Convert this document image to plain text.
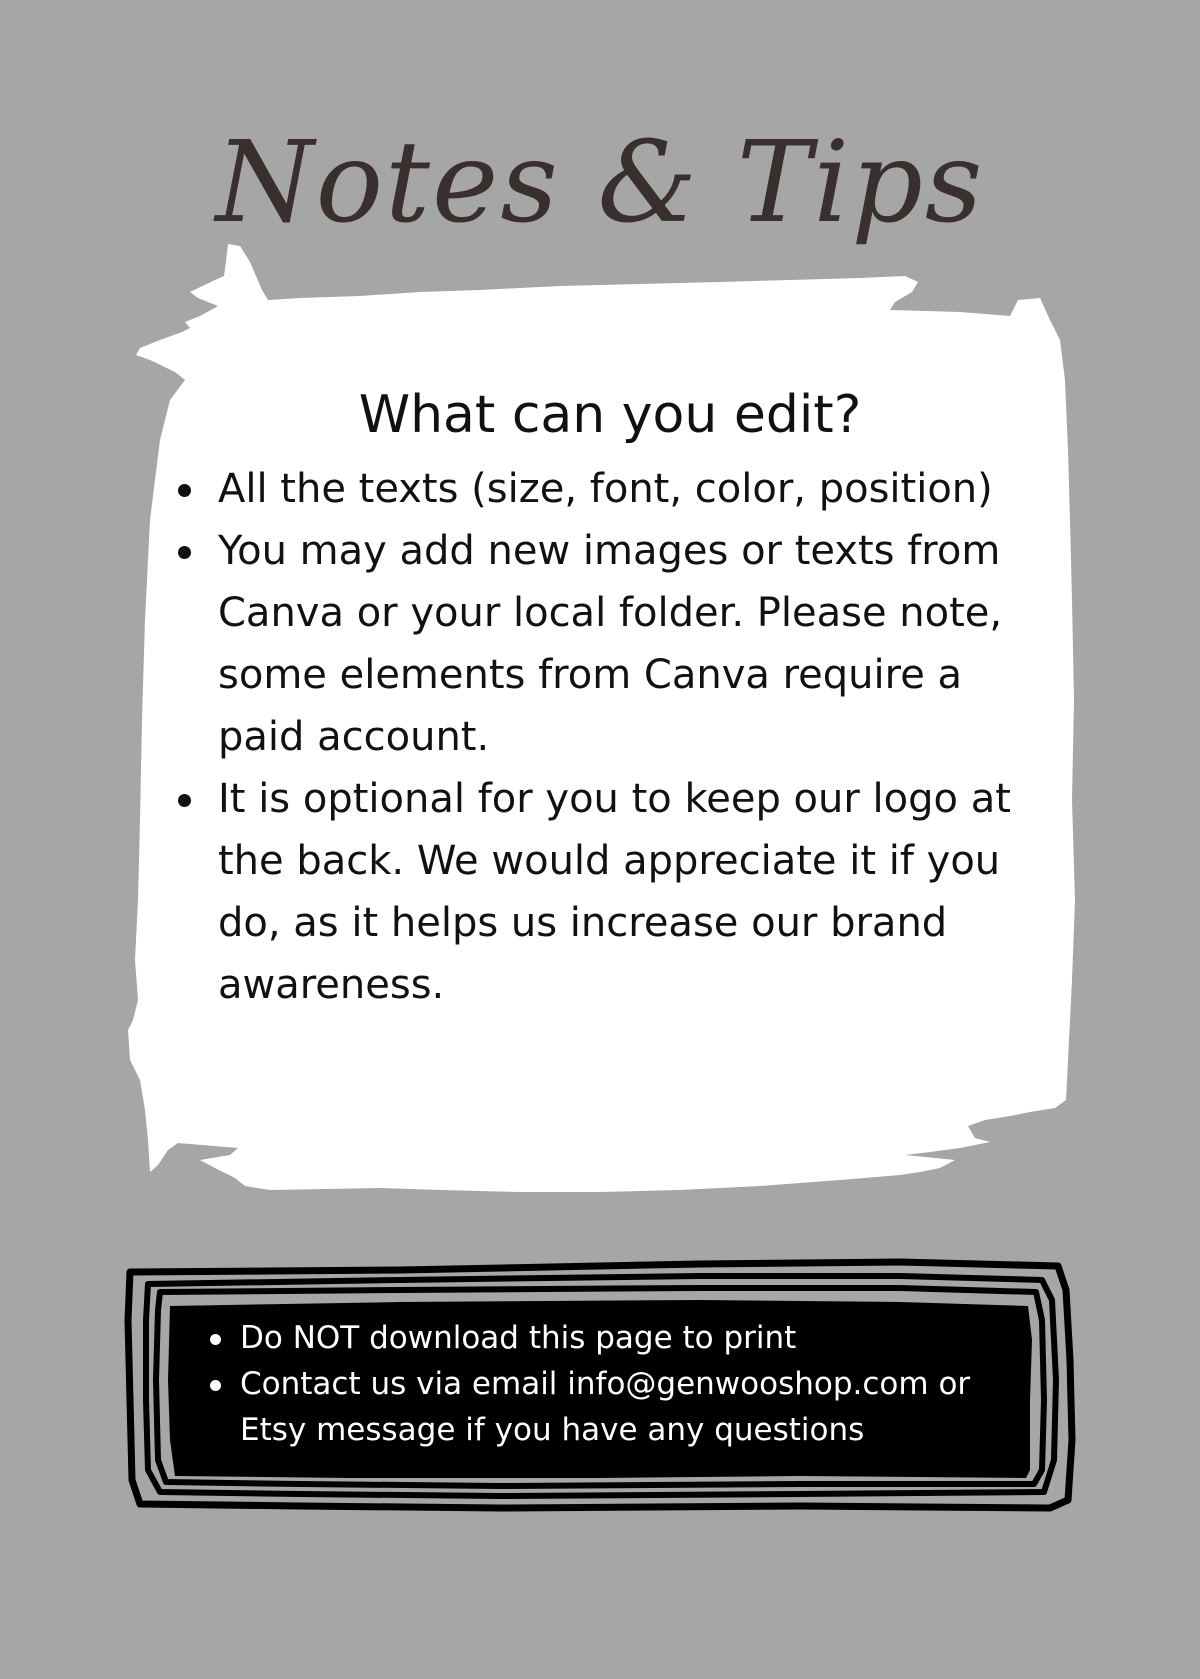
Notes & Tips
What can you edit?
All the texts (size, font, color, position)
You may add new images or texts from Canva or your local folder. Please note, some elements from Canva require a paid account.
It is optional for you to keep our logo at the back. We would appreciate it if you do, as it helps us increase our brand awareness.
Do NOT download this page to print
Contact us via email info@genwooshop.com or Etsy message if you have any questions
